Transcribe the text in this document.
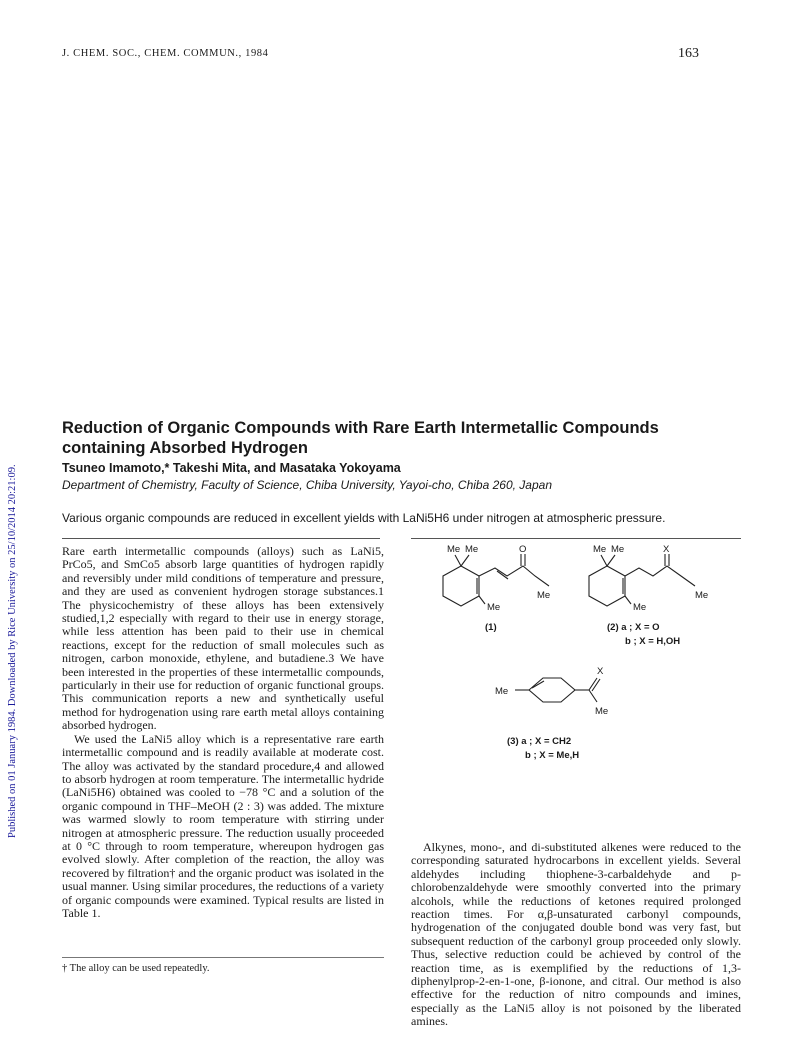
J. CHEM. SOC., CHEM. COMMUN., 1984	163
Published on 01 January 1984. Downloaded by Rice University on 25/10/2014 20:21:09.
Reduction of Organic Compounds with Rare Earth Intermetallic Compounds containing Absorbed Hydrogen
Tsuneo Imamoto,* Takeshi Mita, and Masataka Yokoyama
Department of Chemistry, Faculty of Science, Chiba University, Yayoi-cho, Chiba 260, Japan
Various organic compounds are reduced in excellent yields with LaNi5H6 under nitrogen at atmospheric pressure.

Rare earth intermetallic compounds (alloys) such as LaNi5, PrCo5, and SmCo5 absorb large quantities of hydrogen rapidly and reversibly under mild conditions of temperature and pressure, and they are used as convenient hydrogen storage substances.1 The physicochemistry of these alloys has been extensively studied,1,2 especially with regard to their use in energy storage, while less attention has been paid to their use in chemical reactions, except for the reduction of small molecules such as nitrogen, carbon monoxide, ethylene, and butadiene.3 We have been interested in the properties of these intermetallic compounds, particularly in their use for reduction of organic functional groups. This communication reports a new and synthetically useful method for hydrogenation using rare earth metal alloys containing absorbed hydrogen.

We used the LaNi5 alloy which is a representative rare earth intermetallic compound and is readily available at moderate cost. The alloy was activated by the standard procedure,4 and allowed to absorb hydrogen at room temperature. The intermetallic hydride (LaNi5H6) obtained was cooled to −78 °C and a solution of the organic compound in THF–MeOH (2 : 3) was added. The mixture was warmed slowly to room temperature with stirring under nitrogen at atmospheric pressure. The reduction usually proceeded at 0 °C through to room temperature, whereupon hydrogen gas evolved slowly. After completion of the reaction, the alloy was recovered by filtration† and the organic product was isolated in the usual manner. Using similar procedures, the reductions of a variety of organic compounds were examined. Typical results are listed in Table 1.

Me Me	O
Me
Me
Me Me	X
Me
Me
Me
X
Me
(1)	(2) a ; X = O
b ; X = H,OH
(3) a ; X = CH2
b ; X = Me,H

Alkynes, mono-, and di-substituted alkenes were reduced to the corresponding saturated hydrocarbons in excellent yields. Several aldehydes including thiophene-3-carbaldehyde and p-chlorobenzaldehyde were smoothly converted into the primary alcohols, while the reductions of ketones required prolonged reaction times. For α,β-unsaturated carbonyl compounds, hydrogenation of the conjugated double bond was very fast, but subsequent reduction of the carbonyl group proceeded only slowly. Thus, selective reduction could be achieved by control of the reaction time, as is exemplified by the reductions of 1,3-diphenylprop-2-en-1-one, β-ionone, and citral. Our method is also effective for the reduction of nitro compounds and imines, especially as the LaNi5 alloy is not poisoned by the liberated amines.

† The alloy can be used repeatedly.
